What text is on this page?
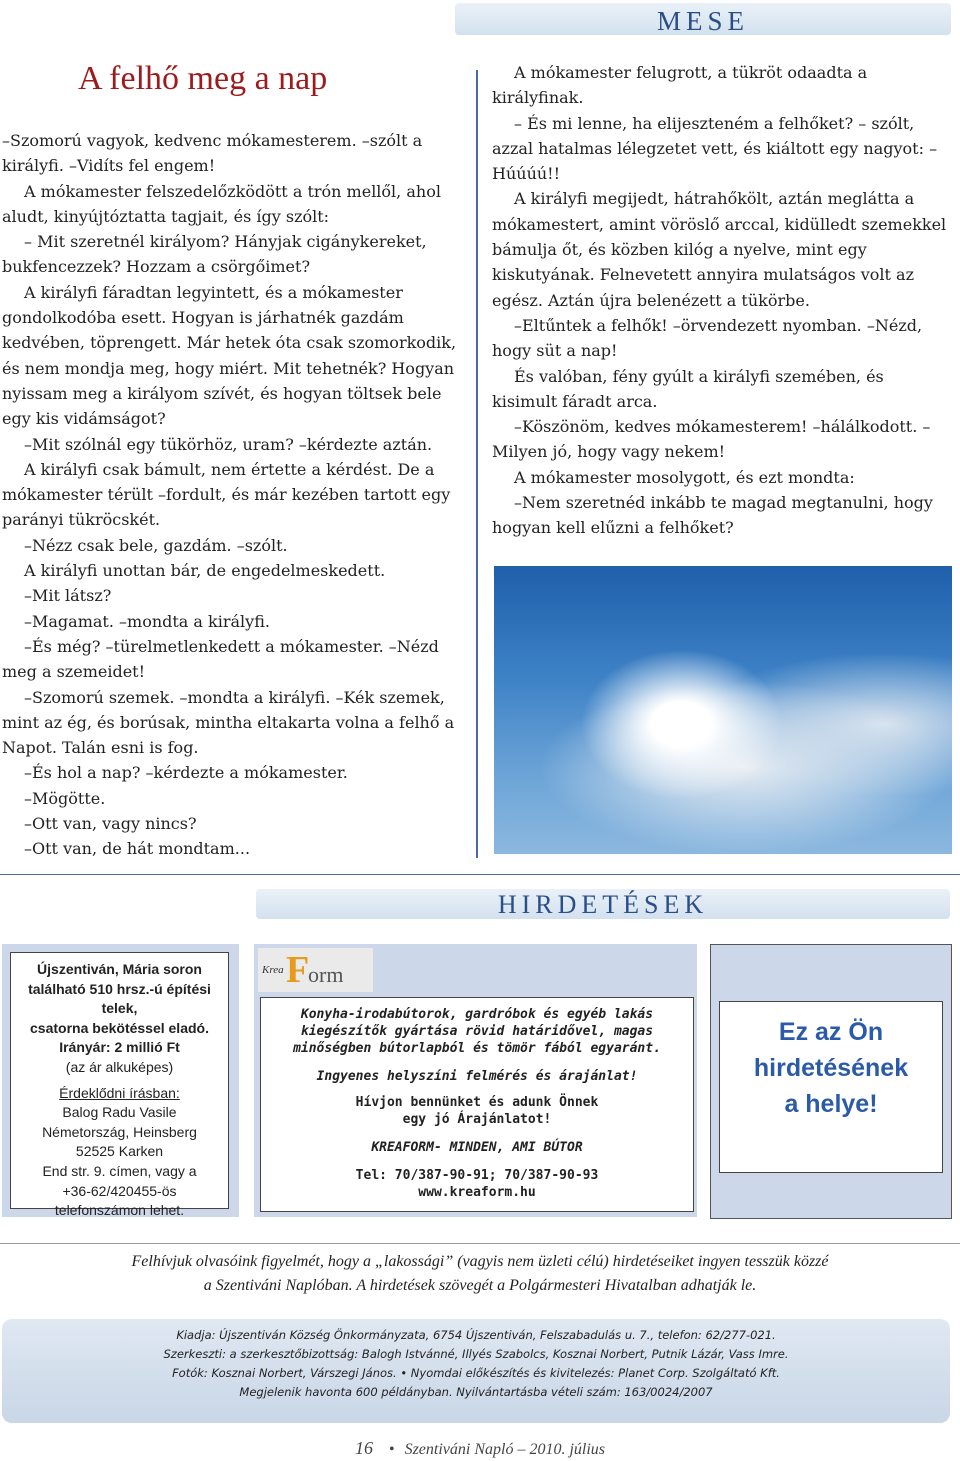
MESE
A felhő meg a nap

–Szomorú vagyok, kedvenc mókamesterem. –szólt a királyfi. –Vidíts fel engem!

A mókamester felszedelőzködött a trón mellől, ahol aludt, kinyújtóztatta tagjait, és így szólt:

– Mit szeretnél királyom? Hányjak cigánykereket, bukfencezzek? Hozzam a csörgőimet?

A királyfi fáradtan legyintett, és a mókamester gondolkodóba esett. Hogyan is járhatnék gazdám kedvében, töprengett. Már hetek óta csak szomorkodik, és nem mondja meg, hogy miért. Mit tehetnék? Hogyan nyissam meg a királyom szívét, és hogyan töltsek bele egy kis vidámságot?

–Mit szólnál egy tükörhöz, uram? –kérdezte aztán.

A királyfi csak bámult, nem értette a kérdést. De a mókamester térült –fordult, és már kezében tartott egy parányi tükröcskét.

–Nézz csak bele, gazdám. –szólt.

A királyfi unottan bár, de engedelmeskedett.

–Mit látsz?

–Magamat. –mondta a királyfi.

–És még? –türelmetlenkedett a mókamester. –Nézd meg a szemeidet!

–Szomorú szemek. –mondta a királyfi. –Kék szemek, mint az ég, és borúsak, mintha eltakarta volna a felhő a Napot. Talán esni is fog.

–És hol a nap? –kérdezte a mókamester.

–Mögötte.

–Ott van, vagy nincs?

–Ott van, de hát mondtam...

A mókamester felugrott, a tükröt odaadta a királyfinak.

– És mi lenne, ha elijeszteném a felhőket? – szólt, azzal hatalmas lélegzetet vett, és kiáltott egy nagyot: – Húúúú!!

A királyfi megijedt, hátrahőkölt, aztán meglátta a mókamestert, amint vöröslő arccal, kidülledt szemekkel bámulja őt, és közben kilóg a nyelve, mint egy kiskutyának. Felnevetett annyira mulatságos volt az egész. Aztán újra belenézett a tükörbe.

–Eltűntek a felhők! –örvendezett nyomban. –Nézd, hogy süt a nap!

És valóban, fény gyúlt a királyfi szemében, és kisimult fáradt arca.

–Köszönöm, kedves mókamesterem! –hálálkodott. – Milyen jó, hogy vagy nekem!

A mókamester mosolygott, és ezt mondta:

–Nem szeretnéd inkább te magad megtanulni, hogy hogyan kell elűzni a felhőket?

HIRDETÉSEK
Újszentiván, Mária soron
található 510 hrsz.-ú építési telek,
csatorna bekötéssel eladó.
Irányár: 2 millió Ft
(az ár alkuképes)
Érdeklődni írásban:
Balog Radu Vasile
Németország, Heinsberg
52525 Karken
End str. 9. címen, vagy a
+36-62/420455-ös
telefonszámon lehet.
Krea F
orm
Konyha-irodabútorok, gardróbok és egyéb lakás kiegészítők gyártása rövid határidővel, magas minőségben bútorlapból és tömör fából egyaránt.
Ingyenes helyszíni felmérés és árajánlat!
Hívjon bennünket és adunk Önnek
egy jó Árajánlatot!
KREAFORM- MINDEN, AMI BÚTOR
Tel: 70/387-90-91; 70/387-90-93
www.kreaform.hu
Ez az Ön
hirdetésének
a helye!
Felhívjuk olvasóink figyelmét, hogy a „lakossági” (vagyis nem üzleti célú) hirdetéseiket ingyen tesszük közzé
a Szentiváni Naplóban. A hirdetések szövegét a Polgármesteri Hivatalban adhatják le.
Kiadja: Újszentiván Község Önkormányzata, 6754 Újszentiván, Felszabadulás u. 7., telefon: 62/277-021.
Szerkeszti: a szerkesztőbizottság: Balogh Istvánné, Illyés Szabolcs, Kosznai Norbert, Putnik Lázár, Vass Imre.
Fotók: Kosznai Norbert, Várszegi János. • Nyomdai előkészítés és kivitelezés: Planet Corp. Szolgáltató Kft.
Megjelenik havonta 600 példányban. Nyilvántartásba vételi szám: 163/0024/2007
16 • Szentiváni Napló – 2010. július
